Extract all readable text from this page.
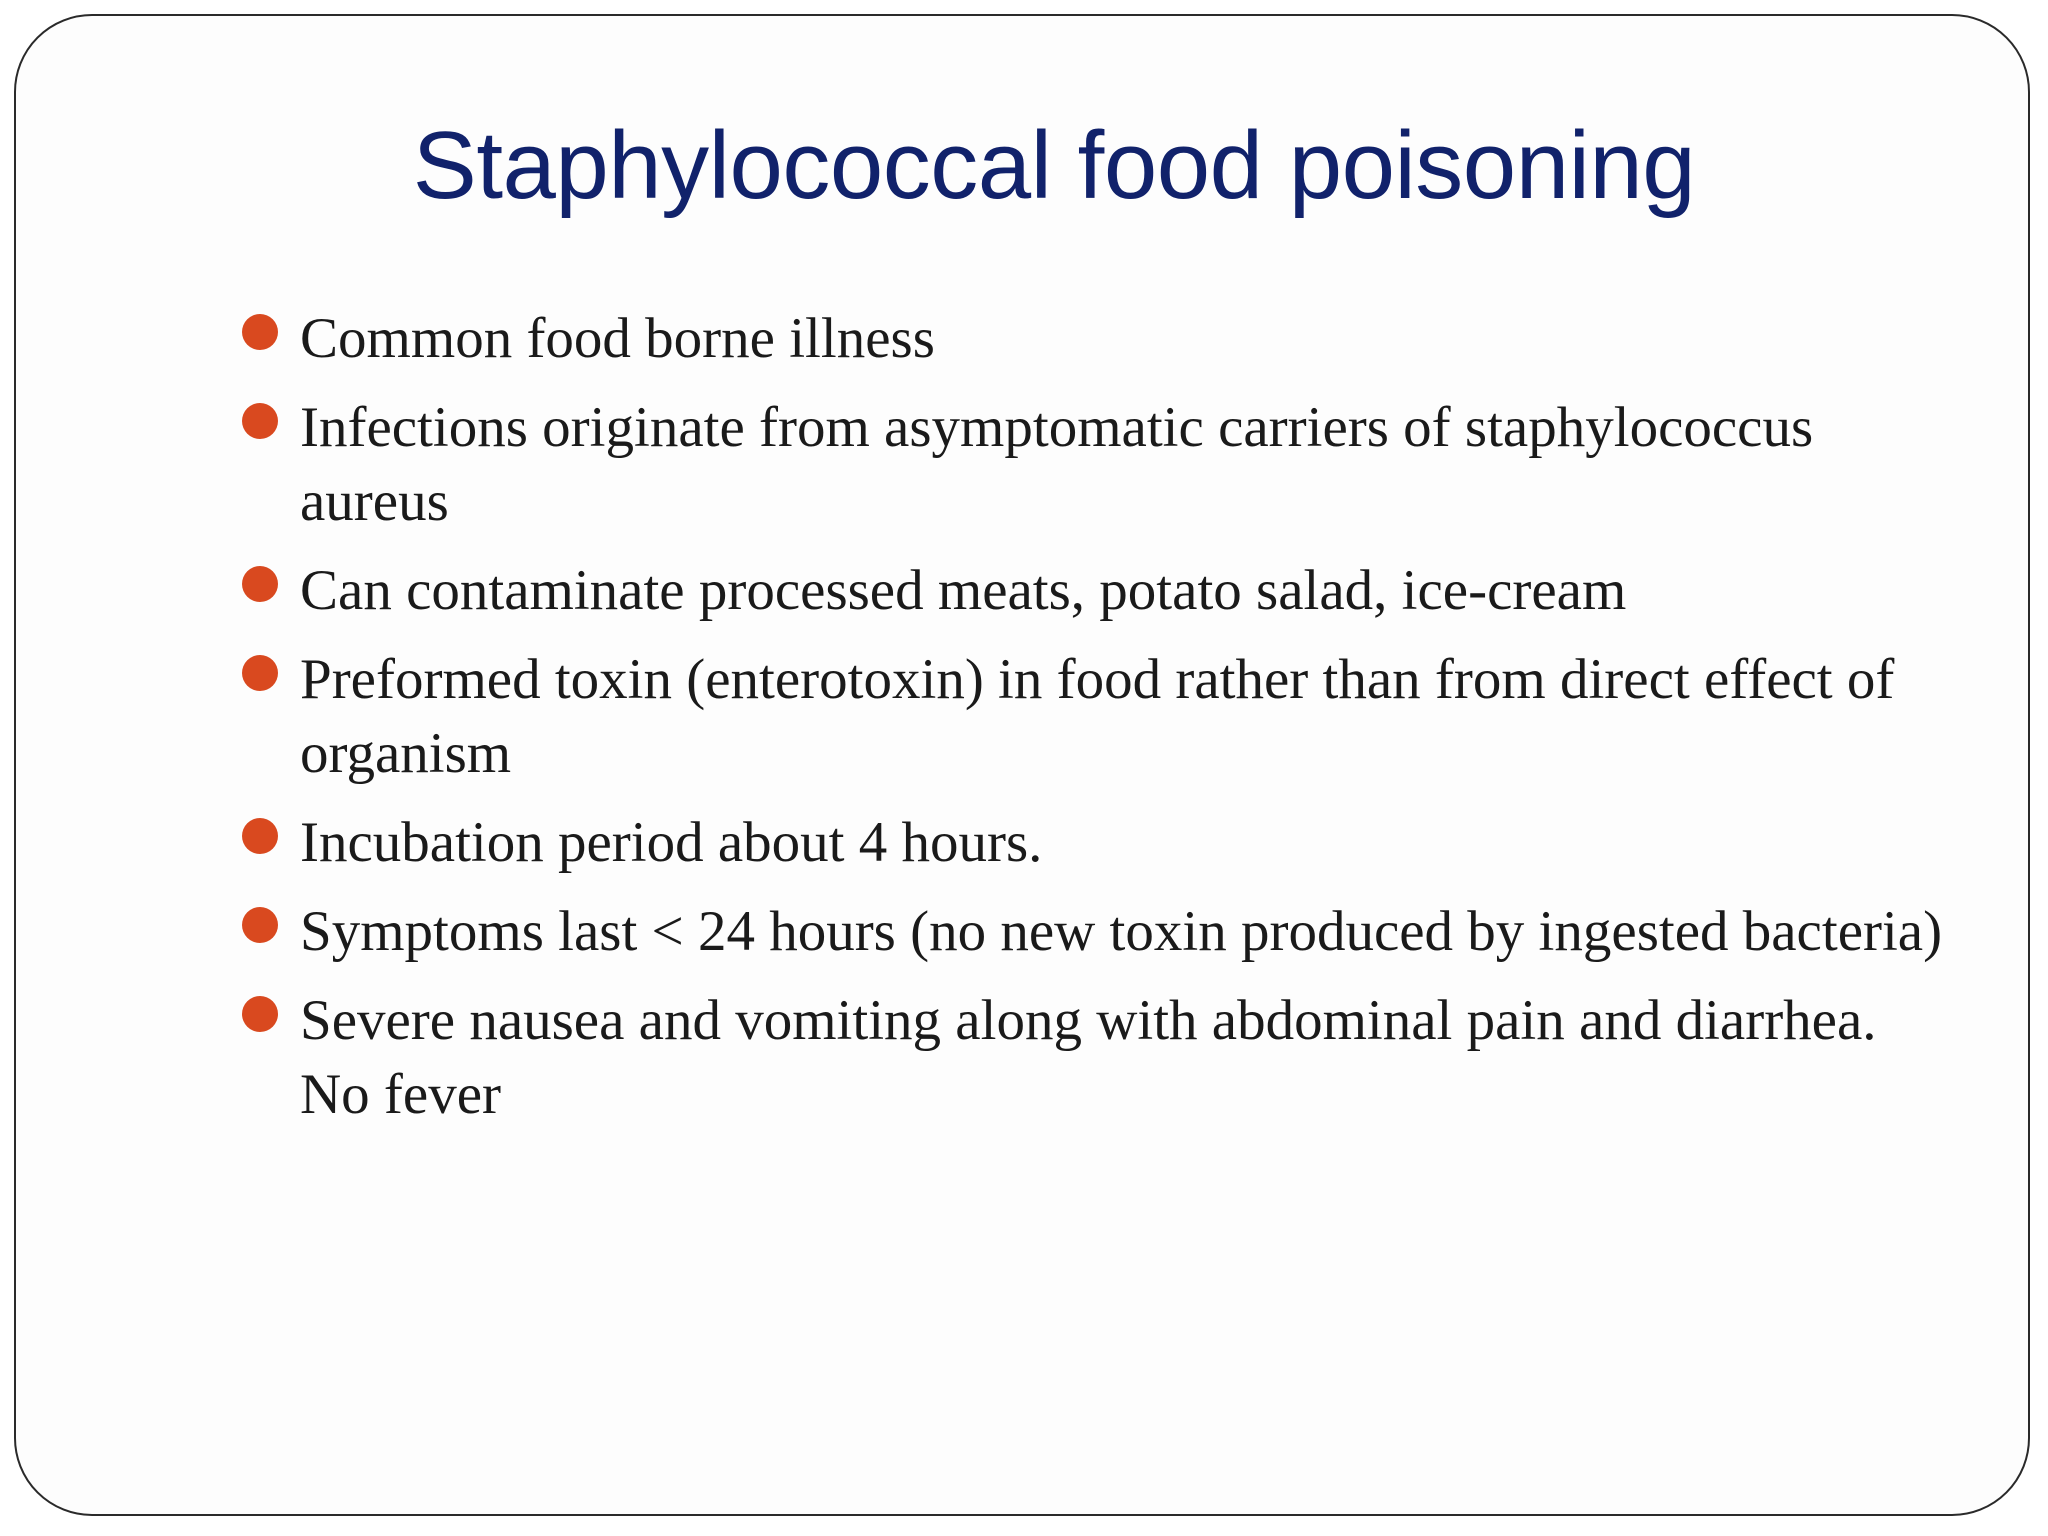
Staphylococcal food poisoning
Common food borne illness
Infections originate from asymptomatic carriers of staphylococcus aureus
Can contaminate processed meats, potato salad, ice-cream
Preformed toxin (enterotoxin) in food rather than from direct effect of organism
Incubation period about 4 hours.
Symptoms last < 24 hours (no new toxin produced by ingested bacteria)
Severe nausea and vomiting along with abdominal pain and diarrhea. No fever
